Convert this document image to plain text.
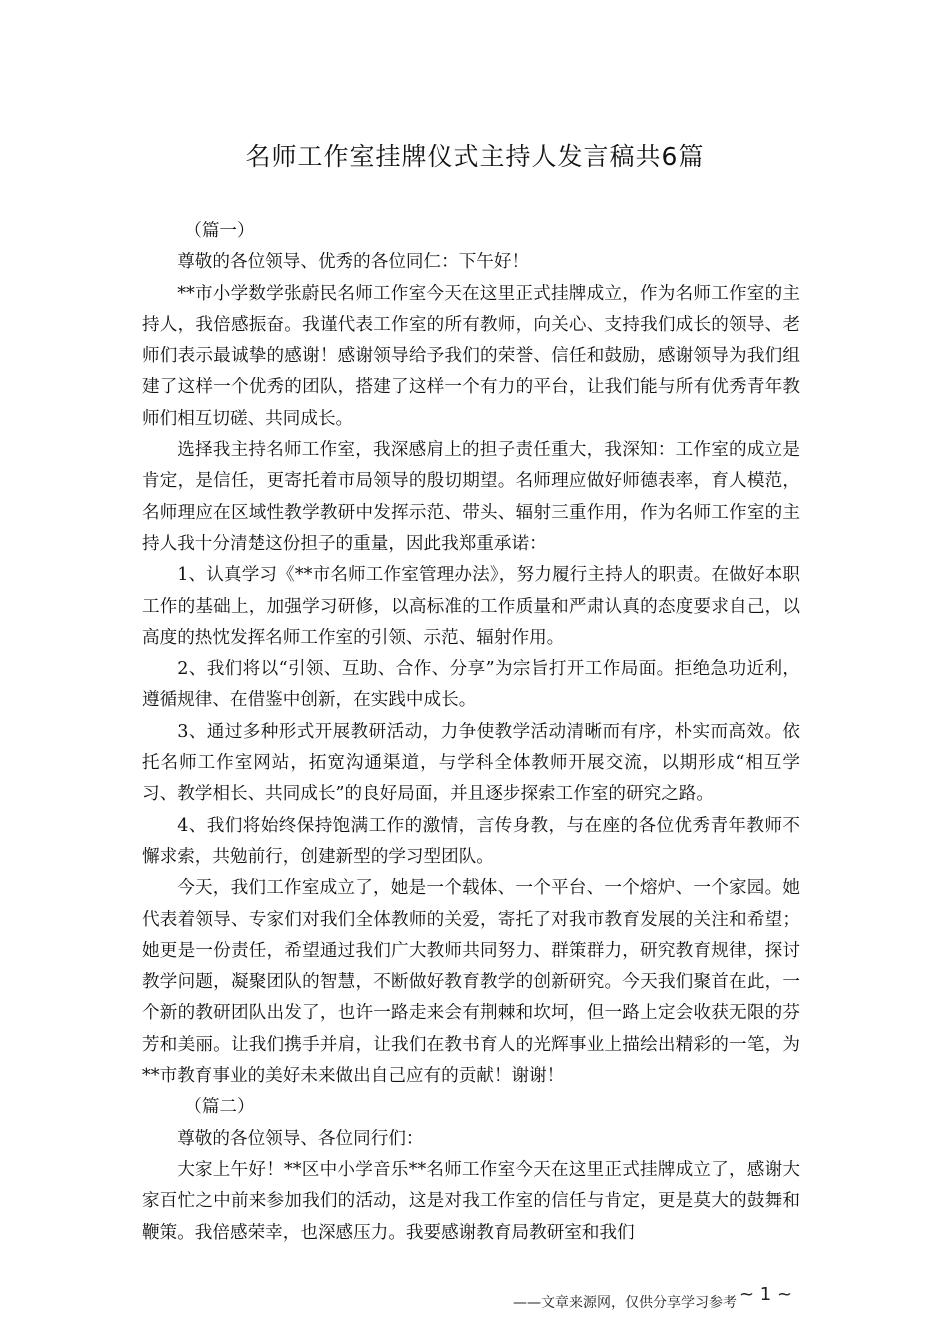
名师工作室挂牌仪式主持人发言稿共6篇

（篇一）

尊敬的各位领导、优秀的各位同仁：下午好！

**市小学数学张蔚民名师工作室今天在这里正式挂牌成立，作为名师工作室的主持人，我倍感振奋。我谨代表工作室的所有教师，向关心、支持我们成长的领导、老师们表示最诚挚的感谢！感谢领导给予我们的荣誉、信任和鼓励，感谢领导为我们组建了这样一个优秀的团队，搭建了这样一个有力的平台，让我们能与所有优秀青年教师们相互切磋、共同成长。

选择我主持名师工作室，我深感肩上的担子责任重大，我深知：工作室的成立是肯定，是信任，更寄托着市局领导的殷切期望。名师理应做好师德表率，育人模范，名师理应在区域性教学教研中发挥示范、带头、辐射三重作用，作为名师工作室的主持人我十分清楚这份担子的重量，因此我郑重承诺：

1、认真学习《**市名师工作室管理办法》，努力履行主持人的职责。在做好本职工作的基础上，加强学习研修，以高标准的工作质量和严肃认真的态度要求自己，以高度的热忱发挥名师工作室的引领、示范、辐射作用。

2、我们将以“引领、互助、合作、分享”为宗旨打开工作局面。拒绝急功近利，遵循规律、在借鉴中创新，在实践中成长。

3、通过多种形式开展教研活动，力争使教学活动清晰而有序，朴实而高效。依托名师工作室网站，拓宽沟通渠道，与学科全体教师开展交流，以期形成“相互学习、教学相长、共同成长”的良好局面，并且逐步探索工作室的研究之路。

4、我们将始终保持饱满工作的激情，言传身教，与在座的各位优秀青年教师不懈求索，共勉前行，创建新型的学习型团队。

今天，我们工作室成立了，她是一个载体、一个平台、一个熔炉、一个家园。她代表着领导、专家们对我们全体教师的关爱，寄托了对我市教育发展的关注和希望；她更是一份责任，希望通过我们广大教师共同努力、群策群力，研究教育规律，探讨教学问题，凝聚团队的智慧，不断做好教育教学的创新研究。今天我们聚首在此，一个新的教研团队出发了，也许一路走来会有荆棘和坎坷，但一路上定会收获无限的芬芳和美丽。让我们携手并肩，让我们在教书育人的光辉事业上描绘出精彩的一笔，为**市教育事业的美好未来做出自己应有的贡献！谢谢！

（篇二）

尊敬的各位领导、各位同行们：

大家上午好！**区中小学音乐**名师工作室今天在这里正式挂牌成立了，感谢大家百忙之中前来参加我们的活动，这是对我工作室的信任与肯定，更是莫大的鼓舞和鞭策。我倍感荣幸，也深感压力。我要感谢教育局教研室和我们

——文章来源网，仅供分享学习参考 ~ 1 ~
